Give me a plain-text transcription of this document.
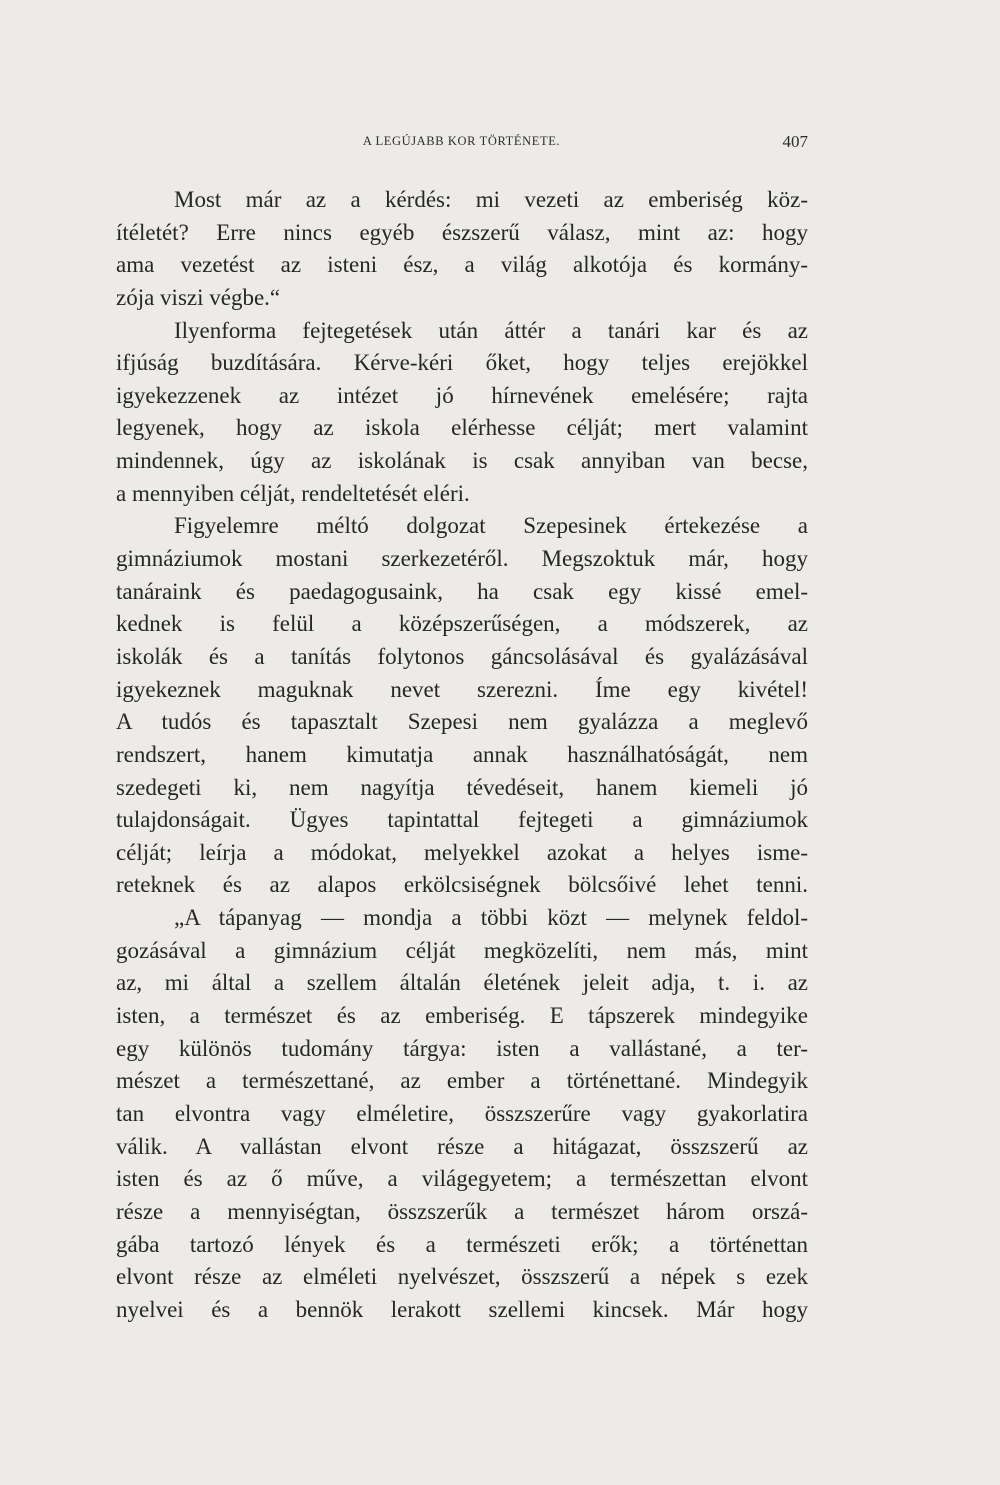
A LEGÚJABB KOR TÖRTÉNETE.	407
Most már az a kérdés: mi vezeti az emberiség köz-
ítéletét? Erre nincs egyéb észszerű válasz, mint az: hogy
ama vezetést az isteni ész, a világ alkotója és kormány-
zója viszi végbe.“
Ilyenforma fejtegetések után áttér a tanári kar és az
ifjúság buzdítására. Kérve-kéri őket, hogy teljes erejökkel
igyekezzenek az intézet jó hírnevének emelésére; rajta
legyenek, hogy az iskola elérhesse célját; mert valamint
mindennek, úgy az iskolának is csak annyiban van becse,
a mennyiben célját, rendeltetését eléri.
Figyelemre méltó dolgozat Szepesinek értekezése a
gimnáziumok mostani szerkezetéről. Megszoktuk már, hogy
tanáraink és paedagogusaink, ha csak egy kissé emel-
kednek is felül a középszerűségen, a módszerek, az
iskolák és a tanítás folytonos gáncsolásával és gyalázásával
igyekeznek maguknak nevet szerezni. Íme egy kivétel!
A tudós és tapasztalt Szepesi nem gyalázza a meglevő
rendszert, hanem kimutatja annak használhatóságát, nem
szedegeti ki, nem nagyítja tévedéseit, hanem kiemeli jó
tulajdonságait. Ügyes tapintattal fejtegeti a gimnáziumok
célját; leírja a módokat, melyekkel azokat a helyes isme-
reteknek és az alapos erkölcsiségnek bölcsőivé lehet tenni.
„A tápanyag — mondja a többi közt — melynek feldol-
gozásával a gimnázium célját megközelíti, nem más, mint
az, mi által a szellem általán életének jeleit adja, t. i. az
isten, a természet és az emberiség. E tápszerek mindegyike
egy különös tudomány tárgya: isten a vallástané, a ter-
mészet a természettané, az ember a történettané. Mindegyik
tan elvontra vagy elméletire, összszerűre vagy gyakorlatira
válik. A vallástan elvont része a hitágazat, összszerű az
isten és az ő műve, a világegyetem; a természettan elvont
része a mennyiségtan, összszerűk a természet három orszá-
gába tartozó lények és a természeti erők; a történettan
elvont része az elméleti nyelvészet, összszerű a népek s ezek
nyelvei és a bennök lerakott szellemi kincsek. Már hogy
